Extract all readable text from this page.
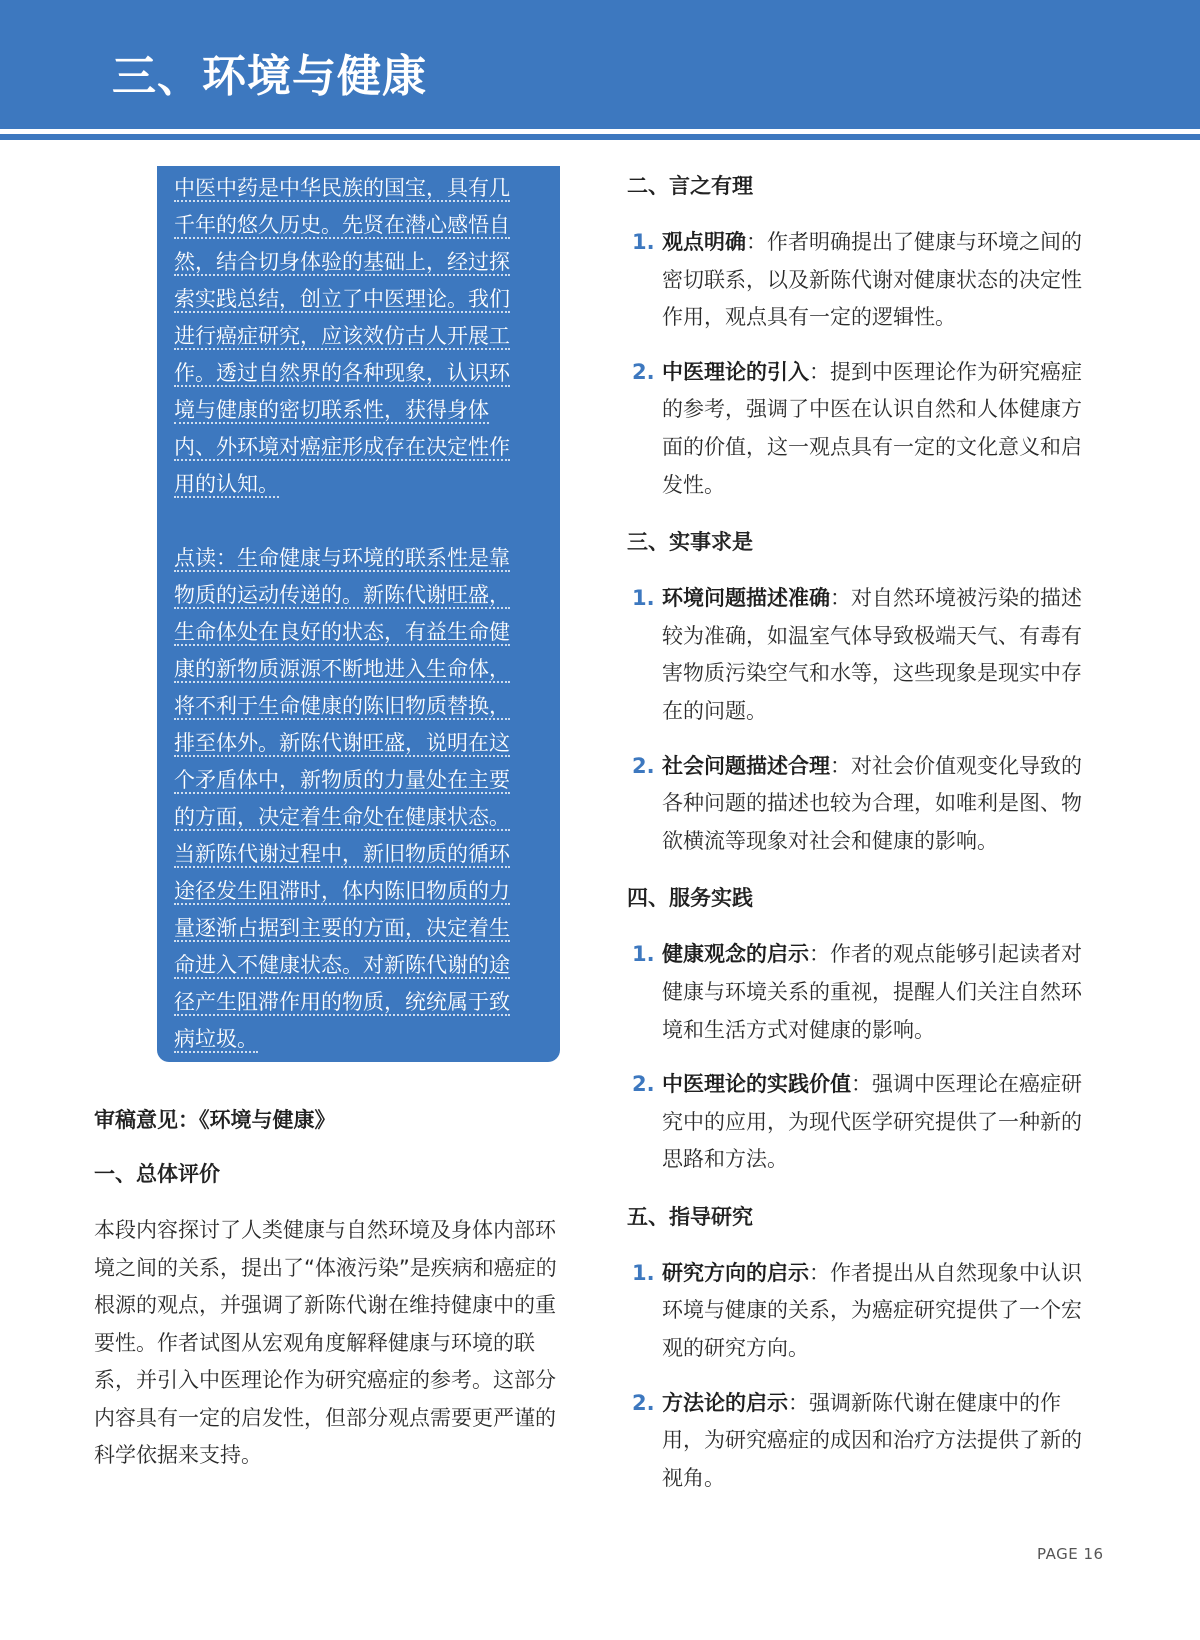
三、环境与健康

中医中药是中华民族的国宝，具有几
千年的悠久历史。先贤在潜心感悟自
然，结合切身体验的基础上，经过探
索实践总结，创立了中医理论。我们
进行癌症研究，应该效仿古人开展工
作。透过自然界的各种现象，认识环
境与健康的密切联系性，获得身体
内、外环境对癌症形成存在决定性作
用的认知。

点读：生命健康与环境的联系性是靠
物质的运动传递的。新陈代谢旺盛，
生命体处在良好的状态，有益生命健
康的新物质源源不断地进入生命体，
将不利于生命健康的陈旧物质替换，
排至体外。新陈代谢旺盛，说明在这
个矛盾体中，新物质的力量处在主要
的方面，决定着生命处在健康状态。
当新陈代谢过程中，新旧物质的循环
途径发生阻滞时，体内陈旧物质的力
量逐渐占据到主要的方面，决定着生
命进入不健康状态。对新陈代谢的途
径产生阻滞作用的物质，统统属于致
病垃圾。

审稿意见：《环境与健康》

一、总体评价

本段内容探讨了人类健康与自然环境及身体内部环境之间的关系，提出了“体液污染”是疾病和癌症的根源的观点，并强调了新陈代谢在维持健康中的重要性。作者试图从宏观角度解释健康与环境的联系，并引入中医理论作为研究癌症的参考。这部分内容具有一定的启发性，但部分观点需要更严谨的科学依据来支持。

二、言之有理

1. 观点明确：作者明确提出了健康与环境之间的密切联系，以及新陈代谢对健康状态的决定性作用，观点具有一定的逻辑性。
2. 中医理论的引入：提到中医理论作为研究癌症的参考，强调了中医在认识自然和人体健康方面的价值，这一观点具有一定的文化意义和启发性。

三、实事求是

1. 环境问题描述准确：对自然环境被污染的描述较为准确，如温室气体导致极端天气、有毒有害物质污染空气和水等，这些现象是现实中存在的问题。
2. 社会问题描述合理：对社会价值观变化导致的各种问题的描述也较为合理，如唯利是图、物欲横流等现象对社会和健康的影响。

四、服务实践

1. 健康观念的启示：作者的观点能够引起读者对健康与环境关系的重视，提醒人们关注自然环境和生活方式对健康的影响。
2. 中医理论的实践价值：强调中医理论在癌症研究中的应用，为现代医学研究提供了一种新的思路和方法。

五、指导研究

1. 研究方向的启示：作者提出从自然现象中认识环境与健康的关系，为癌症研究提供了一个宏观的研究方向。
2. 方法论的启示：强调新陈代谢在健康中的作用，为研究癌症的成因和治疗方法提供了新的视角。
PAGE 16
